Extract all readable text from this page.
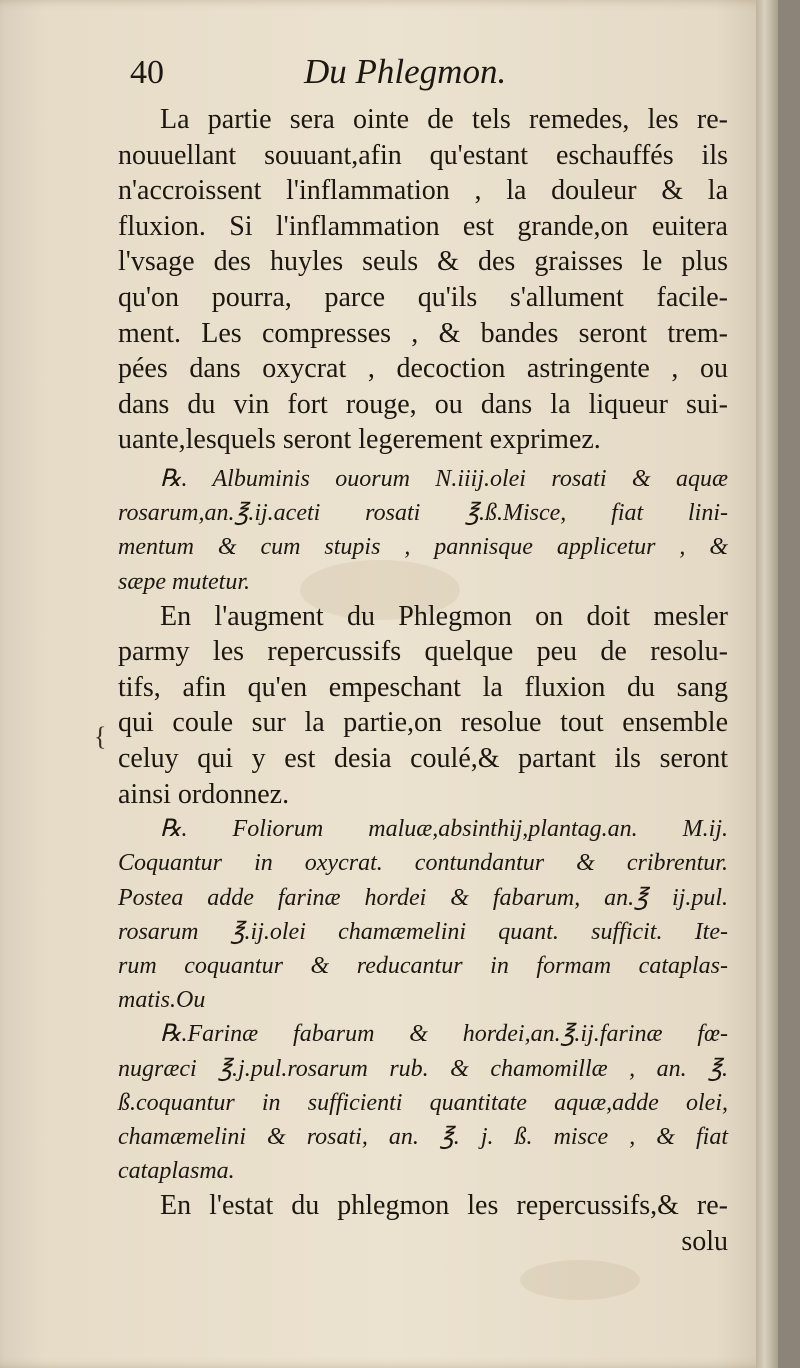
40	Du Phlegmon.
{
La partie sera ointe de tels remedes, les re-
nouuellant souuant,afin qu'estant eschauffés ils
n'accroissent l'inflammation , la douleur & la
fluxion. Si l'inflammation est grande,on euitera
l'vsage des huyles seuls & des graisses le plus
qu'on pourra, parce qu'ils s'allument facile-
ment. Les compresses , & bandes seront trem-
pées dans oxycrat , decoction astringente , ou
dans du vin fort rouge, ou dans la liqueur sui-
uante,lesquels seront legerement exprimez.
℞. Albuminis ouorum N.iiij.olei rosati & aquæ
rosarum,an.℥.ij.aceti rosati ℥.ß.Misce, fiat lini-
mentum & cum stupis , pannisque applicetur , &
sæpe mutetur.
En l'augment du Phlegmon on doit mesler
parmy les repercussifs quelque peu de resolu-
tifs, afin qu'en empeschant la fluxion du sang
qui coule sur la partie,on resolue tout ensemble
celuy qui y est desia coulé,& partant ils seront
ainsi ordonnez.
℞. Foliorum maluæ,absinthij,plantag.an. M.ij.
Coquantur in oxycrat. contundantur & cribrentur.
Postea adde farinæ hordei & fabarum, an.℥ ij.pul.
rosarum ℥.ij.olei chamæmelini quant. sufficit. Ite-
rum coquantur & reducantur in formam cataplas-
matis.Ou
℞.Farinæ fabarum & hordei,an.℥.ij.farinæ fœ-
nugræci ℥.j.pul.rosarum rub. & chamomillæ , an. ℥.
ß.coquantur in sufficienti quantitate aquæ,adde olei,
chamæmelini & rosati, an. ℥. j. ß. misce , & fiat
cataplasma.
En l'estat du phlegmon les repercussifs,& re-
solu
